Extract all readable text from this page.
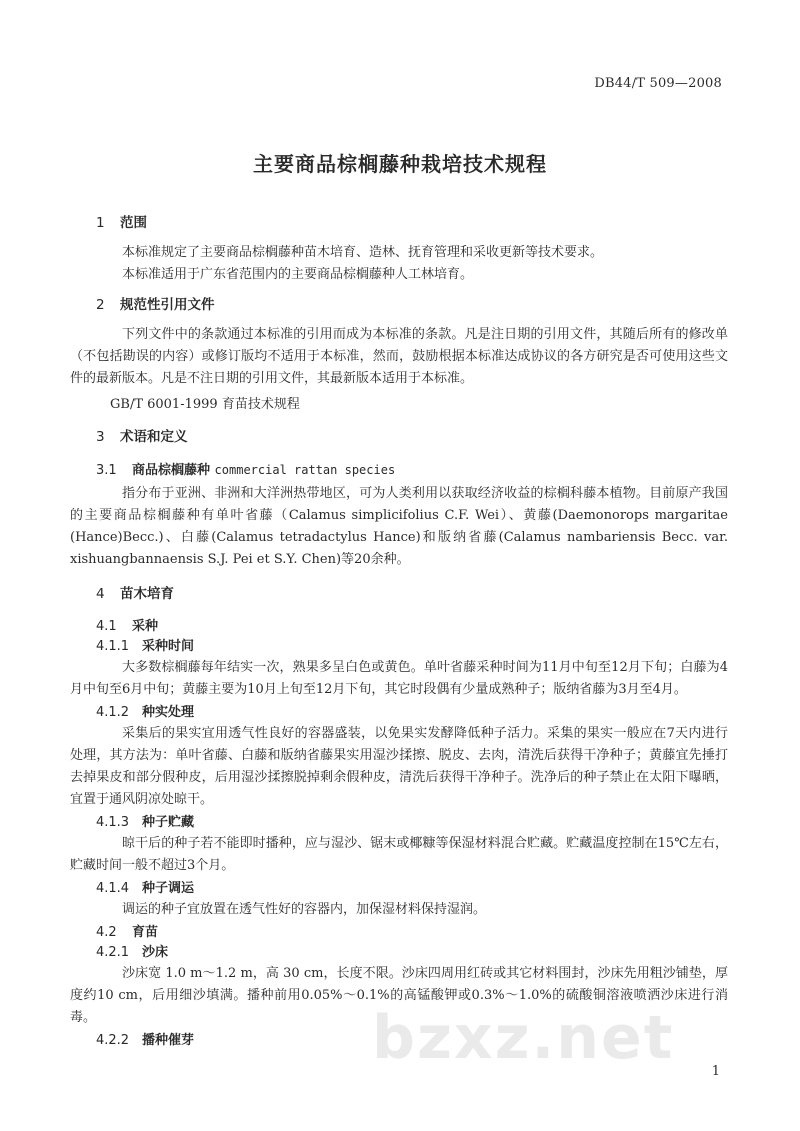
DB44/T 509—2008
主要商品棕榈藤种栽培技术规程
1 范围

本标准规定了主要商品棕榈藤种苗木培育、造林、抚育管理和采收更新等技术要求。

本标准适用于广东省范围内的主要商品棕榈藤种人工林培育。

2 规范性引用文件

下列文件中的条款通过本标准的引用而成为本标准的条款。凡是注日期的引用文件，其随后所有的修改单（不包括勘误的内容）或修订版均不适用于本标准，然而，鼓励根据本标准达成协议的各方研究是否可使用这些文件的最新版本。凡是不注日期的引用文件，其最新版本适用于本标准。

GB/T 6001-1999 育苗技术规程

3 术语和定义
3.1 商品棕榈藤种 commercial rattan species

指分布于亚洲、非洲和大洋洲热带地区，可为人类利用以获取经济收益的棕榈科藤本植物。目前原产我国的主要商品棕榈藤种有单叶省藤（Calamus simplicifolius C.F. Wei）、黄藤(Daemonorops margaritae (Hance)Becc.)、白藤(Calamus tetradactylus Hance)和版纳省藤(Calamus nambariensis Becc. var. xishuangbannaensis S.J. Pei et S.Y. Chen)等20余种。

4 苗木培育
4.1 采种
4.1.1 采种时间

大多数棕榈藤每年结实一次，熟果多呈白色或黄色。单叶省藤采种时间为11月中旬至12月下旬；白藤为4月中旬至6月中旬；黄藤主要为10月上旬至12月下旬，其它时段偶有少量成熟种子；版纳省藤为3月至4月。

4.1.2 种实处理

采集后的果实宜用透气性良好的容器盛装，以免果实发酵降低种子活力。采集的果实一般应在7天内进行处理，其方法为：单叶省藤、白藤和版纳省藤果实用湿沙揉擦、脱皮、去肉，清洗后获得干净种子；黄藤宜先捶打去掉果皮和部分假种皮，后用湿沙揉擦脱掉剩余假种皮，清洗后获得干净种子。洗净后的种子禁止在太阳下曝晒，宜置于通风阴凉处晾干。

4.1.3 种子贮藏

晾干后的种子若不能即时播种，应与湿沙、锯末或椰糠等保湿材料混合贮藏。贮藏温度控制在15℃左右，贮藏时间一般不超过3个月。

4.1.4 种子调运

调运的种子宜放置在透气性好的容器内，加保湿材料保持湿润。

4.2 育苗
4.2.1 沙床

沙床宽 1.0 m～1.2 m，高 30 cm，长度不限。沙床四周用红砖或其它材料围封，沙床先用粗沙铺垫，厚度约10 cm，后用细沙填满。播种前用0.05%～0.1%的高锰酸钾或0.3%～1.0%的硫酸铜溶液喷洒沙床进行消毒。

4.2.2 播种催芽	bzxz.net	1
